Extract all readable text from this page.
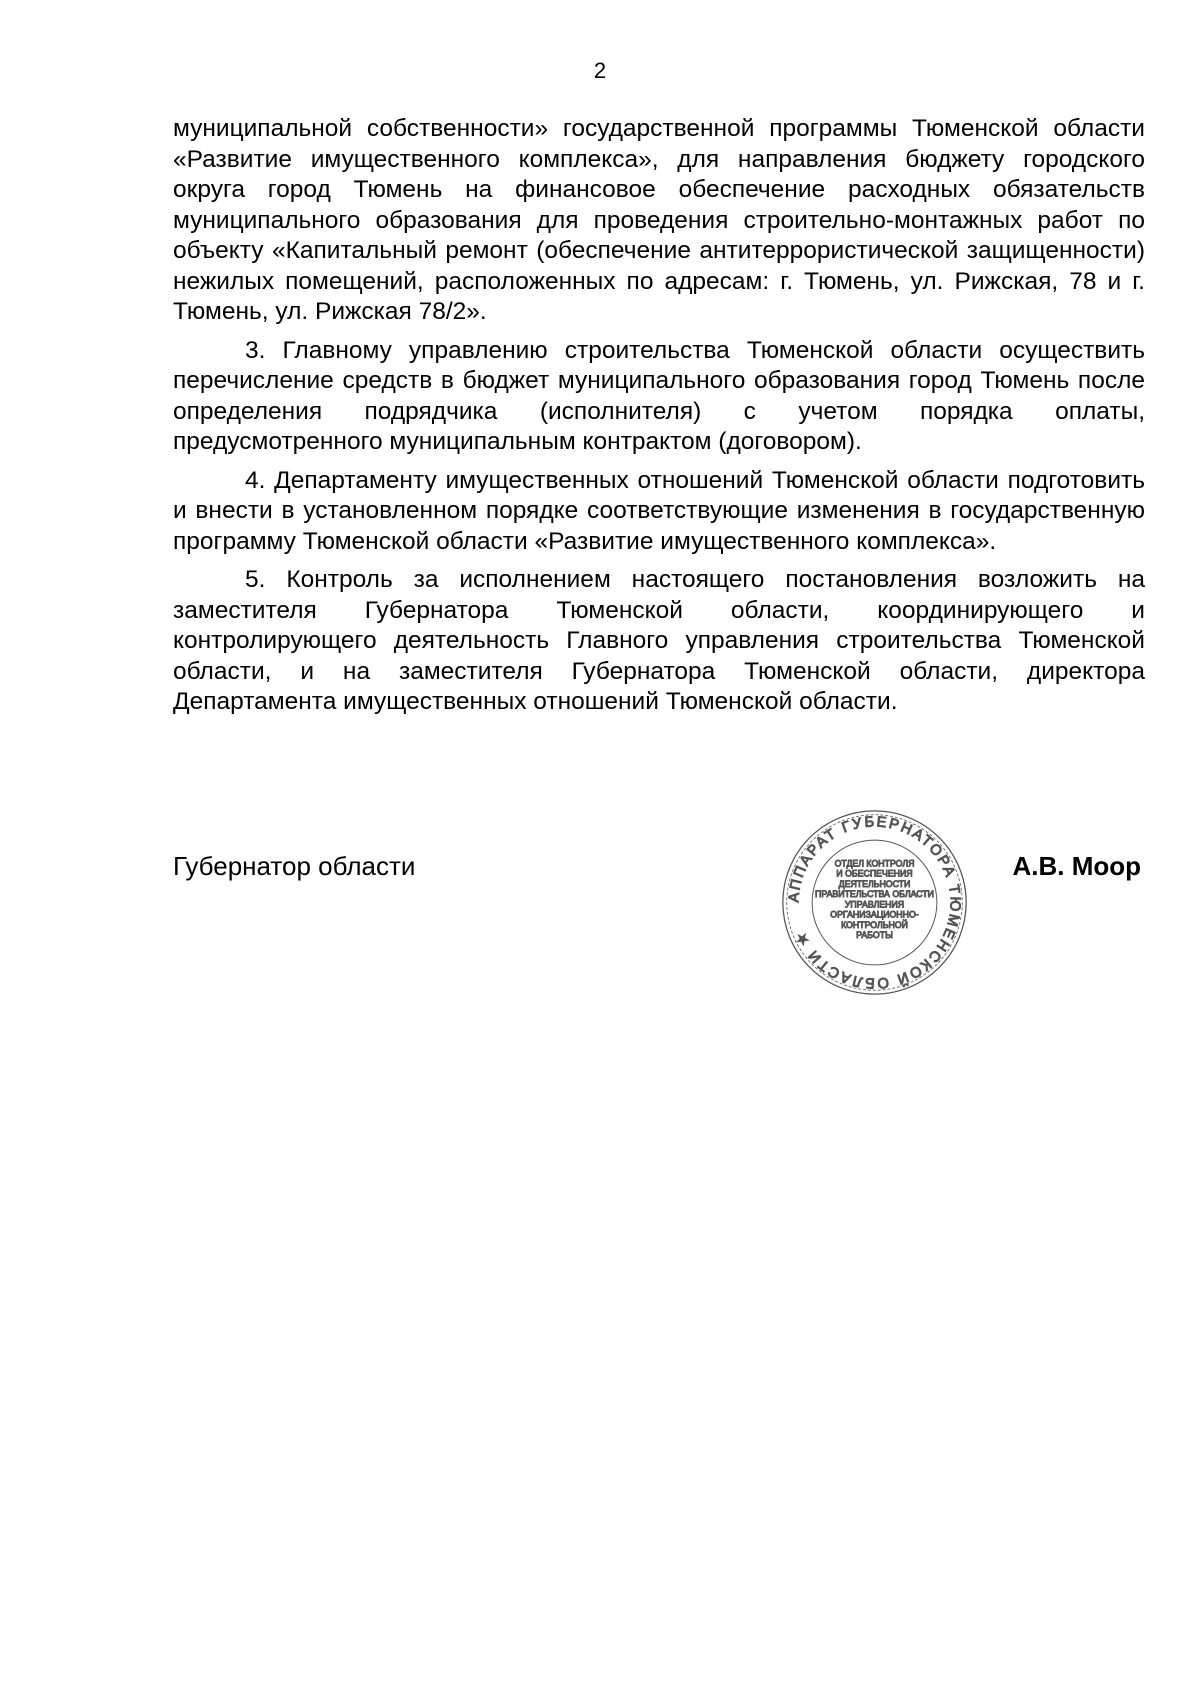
2

муниципальной собственности» государственной программы Тюменской области «Развитие имущественного комплекса», для направления бюджету городского округа город Тюмень на финансовое обеспечение расходных обязательств муниципального образования для проведения строительно-монтажных работ по объекту «Капитальный ремонт (обеспечение антитеррористической защищенности) нежилых помещений, расположенных по адресам: г. Тюмень, ул. Рижская, 78 и г. Тюмень, ул. Рижская 78/2».

3. Главному управлению строительства Тюменской области осуществить перечисление средств в бюджет муниципального образования город Тюмень после определения подрядчика (исполнителя) с учетом порядка оплаты, предусмотренного муниципальным контрактом (договором).

4. Департаменту имущественных отношений Тюменской области подготовить и внести в установленном порядке соответствующие изменения в государственную программу Тюменской области «Развитие имущественного комплекса».

5. Контроль за исполнением настоящего постановления возложить на заместителя Губернатора Тюменской области, координирующего и контролирующего деятельность Главного управления строительства Тюменской области, и на заместителя Губернатора Тюменской области, директора Департамента имущественных отношений Тюменской области.

Губернатор области	А.В. Моор
АППАРАТ ГУБЕРНАТОРА ТЮМЕНСКОЙ ОБЛАСТИ ★
ОТДЕЛ КОНТРОЛЯ И ОБЕСПЕЧЕНИЯ ДЕЯТЕЛЬНОСТИ ПРАВИТЕЛЬСТВА ОБЛАСТИ УПРАВЛЕНИЯ ОРГАНИЗАЦИОННО-КОНТРОЛЬНОЙ РАБОТЫ
